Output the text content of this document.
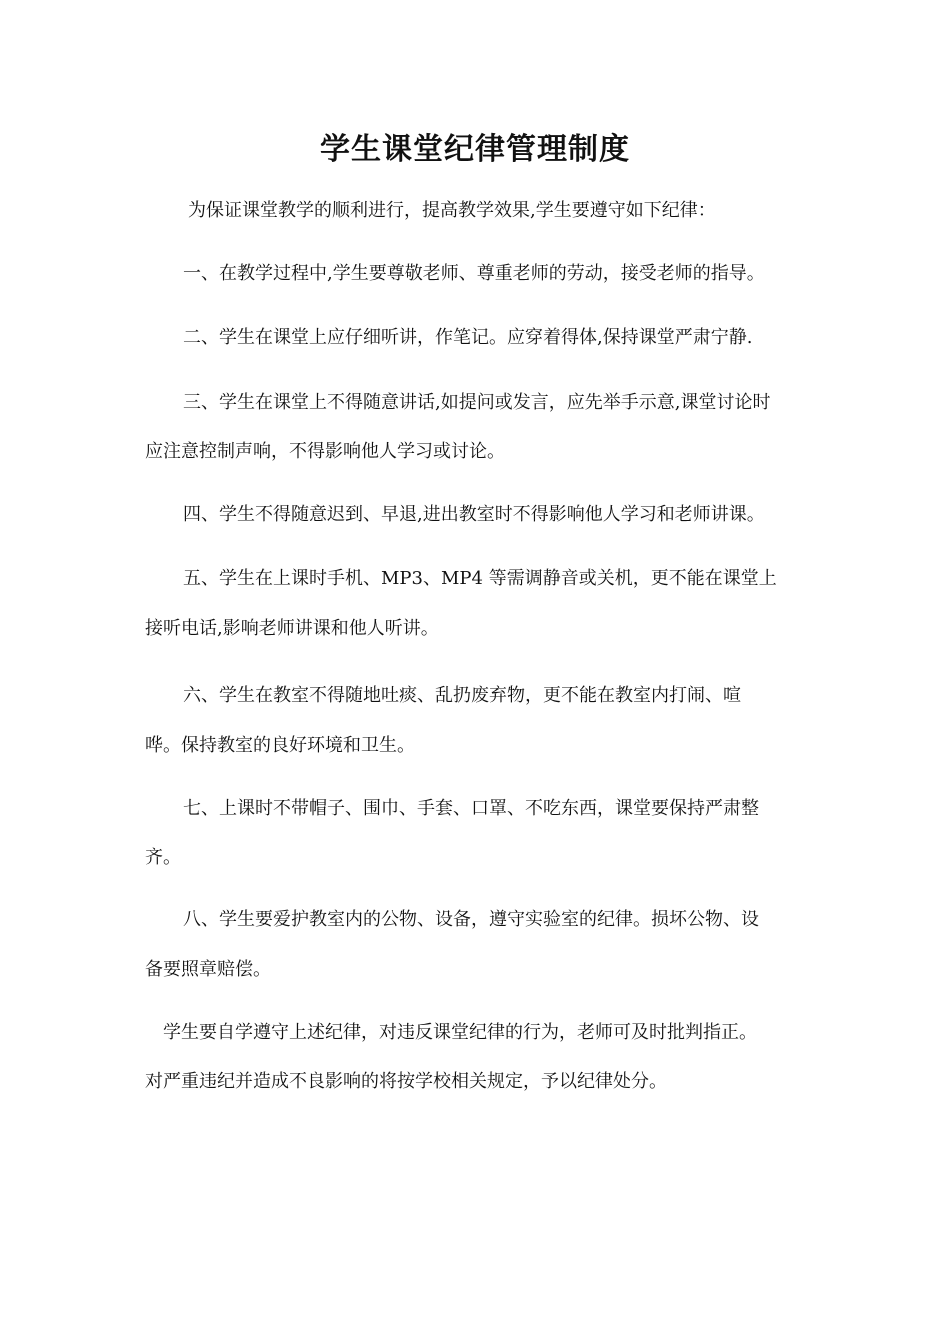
学生课堂纪律管理制度
为保证课堂教学的顺利进行，提高教学效果,学生要遵守如下纪律：
一、在教学过程中,学生要尊敬老师、尊重老师的劳动，接受老师的指导。
二、学生在课堂上应仔细听讲，作笔记。应穿着得体,保持课堂严肃宁静.
三、学生在课堂上不得随意讲话,如提问或发言，应先举手示意,课堂讨论时
应注意控制声响，不得影响他人学习或讨论。
四、学生不得随意迟到、早退,进出教室时不得影响他人学习和老师讲课。
五、学生在上课时手机、MP3、MP4 等需调静音或关机，更不能在课堂上
接听电话,影响老师讲课和他人听讲。
六、学生在教室不得随地吐痰、乱扔废弃物，更不能在教室内打闹、喧
哗。保持教室的良好环境和卫生。
七、上课时不带帽子、围巾、手套、口罩、不吃东西，课堂要保持严肃整
齐。
八、学生要爱护教室内的公物、设备，遵守实验室的纪律。损坏公物、设
备要照章赔偿。
学生要自学遵守上述纪律，对违反课堂纪律的行为，老师可及时批判指正。
对严重违纪并造成不良影响的将按学校相关规定，予以纪律处分。
